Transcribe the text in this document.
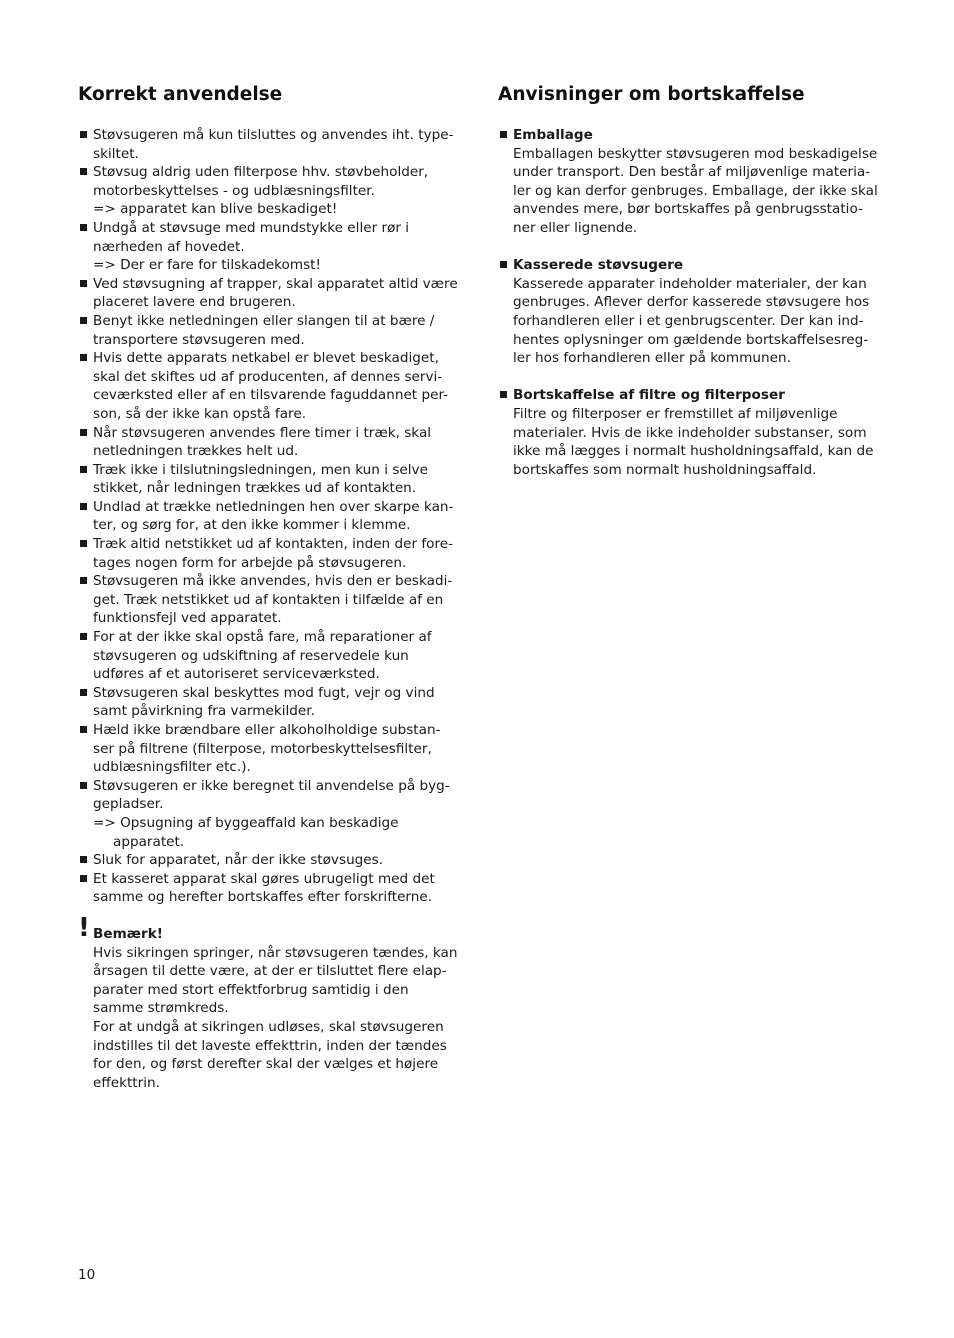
Korrekt anvendelse
Støvsugeren må kun tilsluttes og anvendes iht. type-
skiltet.
Støvsug aldrig uden filterpose hhv. støvbeholder,
motorbeskyttelses - og udblæsningsfilter.
=> apparatet kan blive beskadiget!
Undgå at støvsuge med mundstykke eller rør i
nærheden af hovedet.
=> Der er fare for tilskadekomst!
Ved støvsugning af trapper, skal apparatet altid være
placeret lavere end brugeren.
Benyt ikke netledningen eller slangen til at bære /
transportere støvsugeren med.
Hvis dette apparats netkabel er blevet beskadiget,
skal det skiftes ud af producenten, af dennes servi-
ceværksted eller af en tilsvarende faguddannet per-
son, så der ikke kan opstå fare.
Når støvsugeren anvendes flere timer i træk, skal
netledningen trækkes helt ud.
Træk ikke i tilslutningsledningen, men kun i selve
stikket, når ledningen trækkes ud af kontakten.
Undlad at trække netledningen hen over skarpe kan-
ter, og sørg for, at den ikke kommer i klemme.
Træk altid netstikket ud af kontakten, inden der fore-
tages nogen form for arbejde på støvsugeren.
Støvsugeren må ikke anvendes, hvis den er beskadi-
get. Træk netstikket ud af kontakten i tilfælde af en
funktionsfejl ved apparatet.
For at der ikke skal opstå fare, må reparationer af
støvsugeren og udskiftning af reservedele kun
udføres af et autoriseret serviceværksted.
Støvsugeren skal beskyttes mod fugt, vejr og vind
samt påvirkning fra varmekilder.
Hæld ikke brændbare eller alkoholholdige substan-
ser på filtrene (filterpose, motorbeskyttelsesfilter,
udblæsningsfilter etc.).
Støvsugeren er ikke beregnet til anvendelse på byg-
gepladser.
=> Opsugning af byggeaffald kan beskadige
apparatet.
Sluk for apparatet, når der ikke støvsuges.
Et kasseret apparat skal gøres ubrugeligt med det
samme og herefter bortskaffes efter forskrifterne.
! Bemærk!

Hvis sikringen springer, når støvsugeren tændes, kan
årsagen til dette være, at der er tilsluttet flere elap-
parater med stort effektforbrug samtidig i den
samme strømkreds.
For at undgå at sikringen udløses, skal støvsugeren
indstilles til det laveste effekttrin, inden der tændes
for den, og først derefter skal der vælges et højere
effekttrin.

Anvisninger om bortskaffelse
Emballage
Emballagen beskytter støvsugeren mod beskadigelse
under transport. Den består af miljøvenlige materia-
ler og kan derfor genbruges. Emballage, der ikke skal
anvendes mere, bør bortskaffes på genbrugsstatio-
ner eller lignende.
Kasserede støvsugere
Kasserede apparater indeholder materialer, der kan
genbruges. Aflever derfor kasserede støvsugere hos
forhandleren eller i et genbrugscenter. Der kan ind-
hentes oplysninger om gældende bortskaffelsesreg-
ler hos forhandleren eller på kommunen.
Bortskaffelse af filtre og filterposer
Filtre og filterposer er fremstillet af miljøvenlige
materialer. Hvis de ikke indeholder substanser, som
ikke må lægges i normalt husholdningsaffald, kan de
bortskaffes som normalt husholdningsaffald.
10
